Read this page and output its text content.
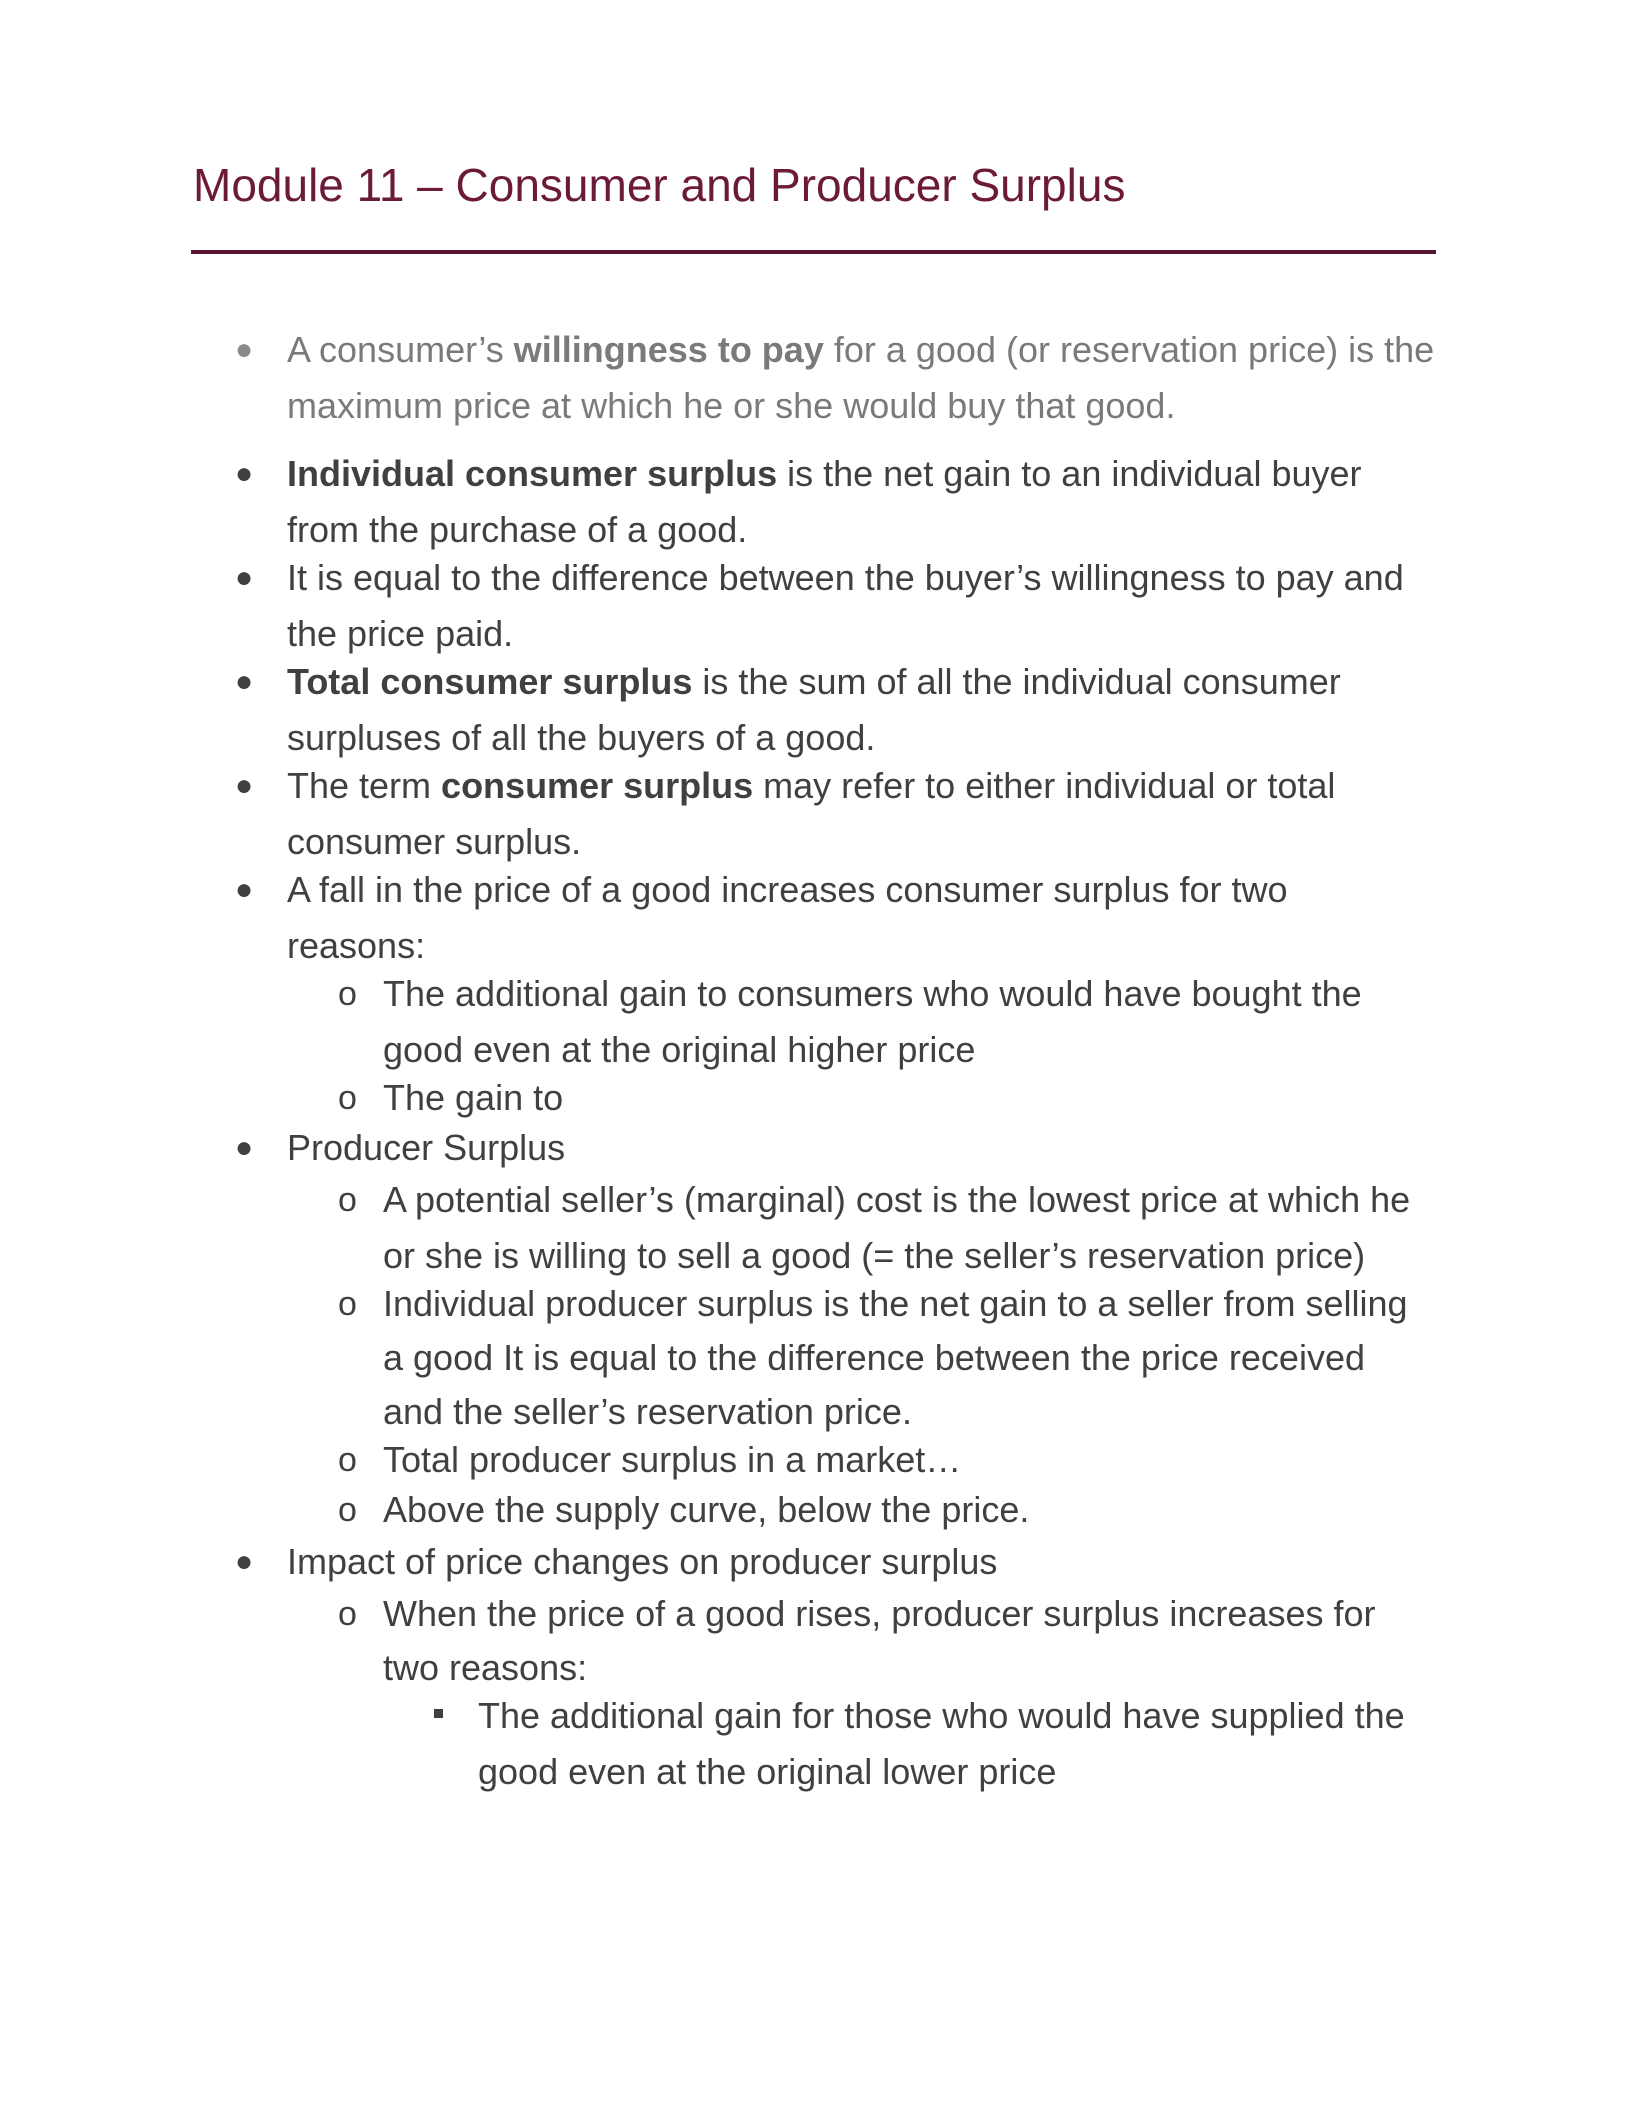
Module 11 – Consumer and Producer Surplus
● A consumer’s willingness to pay for a good (or reservation price) is the
maximum price at which he or she would buy that good.
● Individual consumer surplus is the net gain to an individual buyer
from the purchase of a good.
● It is equal to the difference between the buyer’s willingness to pay and
the price paid.
● Total consumer surplus is the sum of all the individual consumer
surpluses of all the buyers of a good.
● The term consumer surplus may refer to either individual or total
consumer surplus.
● A fall in the price of a good increases consumer surplus for two
reasons:
o The additional gain to consumers who would have bought the
good even at the original higher price
o The gain to
● Producer Surplus
o A potential seller’s (marginal) cost is the lowest price at which he
or she is willing to sell a good (= the seller’s reservation price)
o Individual producer surplus is the net gain to a seller from selling
a good It is equal to the difference between the price received
and the seller’s reservation price.
o Total producer surplus in a market…
o Above the supply curve, below the price.
● Impact of price changes on producer surplus
o When the price of a good rises, producer surplus increases for
two reasons:
The additional gain for those who would have supplied the
good even at the original lower price
